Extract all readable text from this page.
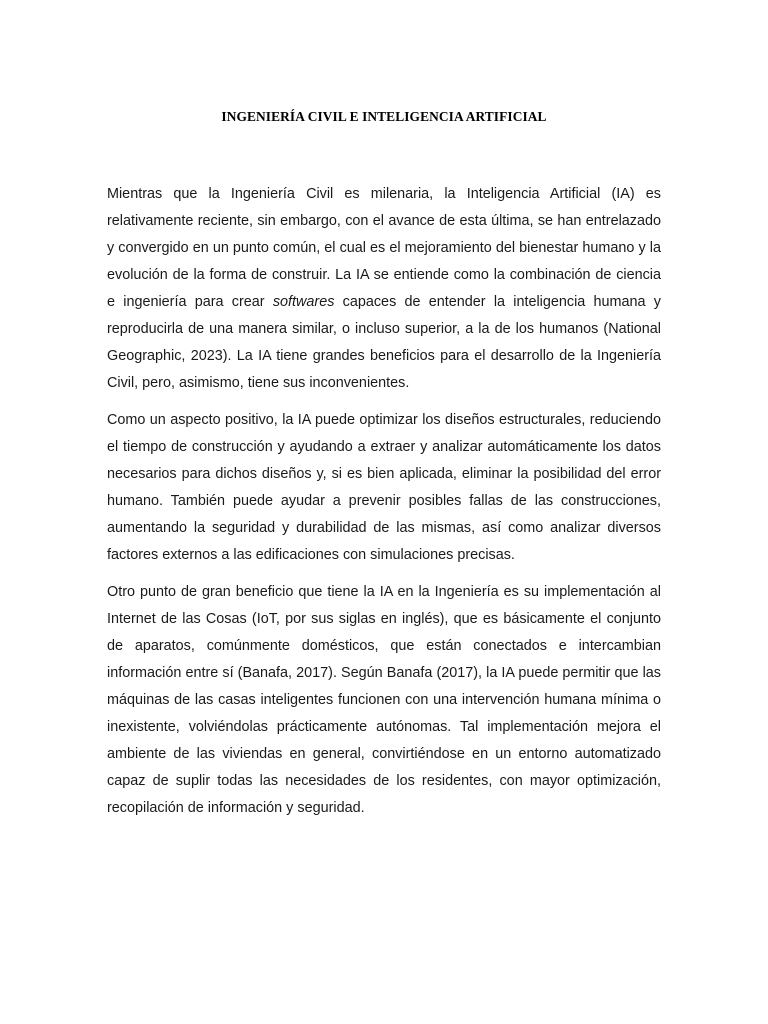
INGENIERÍA CIVIL E INTELIGENCIA ARTIFICIAL

Mientras que la Ingeniería Civil es milenaria, la Inteligencia Artificial (IA) es relativamente reciente, sin embargo, con el avance de esta última, se han entrelazado y convergido en un punto común, el cual es el mejoramiento del bienestar humano y la evolución de la forma de construir. La IA se entiende como la combinación de ciencia e ingeniería para crear softwares capaces de entender la inteligencia humana y reproducirla de una manera similar, o incluso superior, a la de los humanos (National Geographic, 2023). La IA tiene grandes beneficios para el desarrollo de la Ingeniería Civil, pero, asimismo, tiene sus inconvenientes.

Como un aspecto positivo, la IA puede optimizar los diseños estructurales, reduciendo el tiempo de construcción y ayudando a extraer y analizar automáticamente los datos necesarios para dichos diseños y, si es bien aplicada, eliminar la posibilidad del error humano. También puede ayudar a prevenir posibles fallas de las construcciones, aumentando la seguridad y durabilidad de las mismas, así como analizar diversos factores externos a las edificaciones con simulaciones precisas.

Otro punto de gran beneficio que tiene la IA en la Ingeniería es su implementación al Internet de las Cosas (IoT, por sus siglas en inglés), que es básicamente el conjunto de aparatos, comúnmente domésticos, que están conectados e intercambian información entre sí (Banafa, 2017). Según Banafa (2017), la IA puede permitir que las máquinas de las casas inteligentes funcionen con una intervención humana mínima o inexistente, volviéndolas prácticamente autónomas. Tal implementación mejora el ambiente de las viviendas en general, convirtiéndose en un entorno automatizado capaz de suplir todas las necesidades de los residentes, con mayor optimización, recopilación de información y seguridad.
